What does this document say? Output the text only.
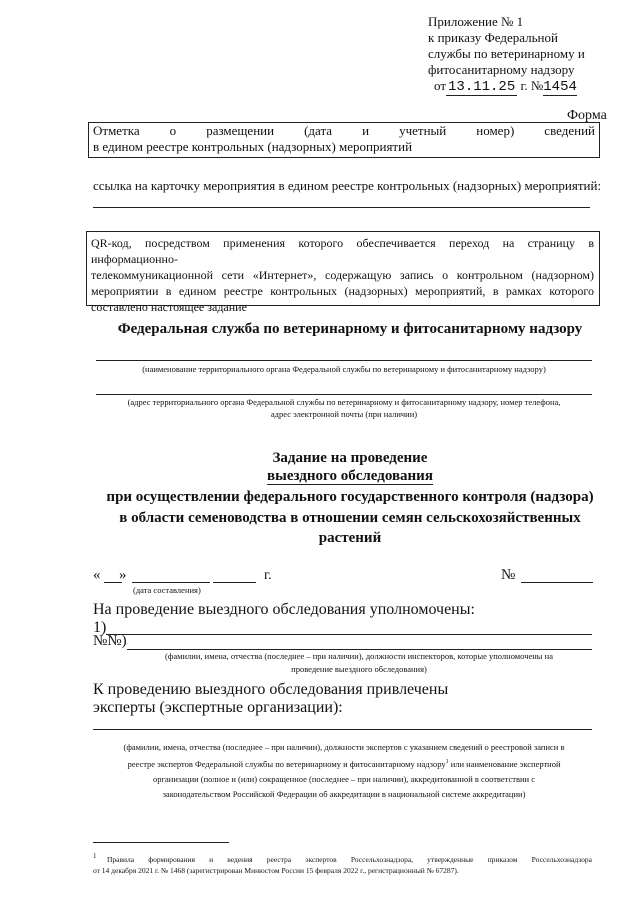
Приложение № 1
к приказу Федеральной
службы по ветеринарному и
фитосанитарному надзору
от 13.11.25 г. №1454
Форма
Отметка о размещении (дата и учетный номер) сведений
в едином реестре контрольных (надзорных) мероприятий
ссылка на карточку мероприятия в едином реестре контрольных (надзорных) мероприятий:
QR-код, посредством применения которого обеспечивается переход на страницу в информационно-
телекоммуникационной сети «Интернет», содержащую запись о контрольном (надзорном)
мероприятии в едином реестре контрольных (надзорных) мероприятий, в рамках которого
составлено настоящее задание
Федеральная служба по ветеринарному и фитосанитарному надзору
(наименование территориального органа Федеральной службы по ветеринарному и фитосанитарному надзору)
(адрес территориального органа Федеральной службы по ветеринарному и фитосанитарному надзору, номер телефона,
адрес электронной почты (при наличии)
Задание на проведение
выездного обследования
при осуществлении федерального государственного контроля (надзора)
в области семеноводства в отношении семян сельскохозяйственных
растений
« »	г.
(дата составления)
№
На проведение выездного обследования уполномочены:
1)
№№)
(фамилии, имена, отчества (последнее – при наличии), должности инспекторов, которые уполномочены на
проведение выездного обследования)
К проведению выездного обследования привлечены
эксперты (экспертные организации):
(фамилии, имена, отчества (последнее – при наличии), должности экспертов с указанием сведений о реестровой записи в
реестре экспертов Федеральной службы по ветеринарному и фитосанитарному надзору$^1$ или наименование экспертной
организации (полное и (или) сокращенное (последнее – при наличии), аккредитованной в соответствии с
законодательством Российской Федерации об аккредитации в национальной системе аккредитации)
1 Правила формирования и ведения реестра экспертов Россельхознадзора, утвержденные приказом Россельхознадзора
от 14 декабря 2021 г. № 1468 (зарегистрирован Минюстом России 15 февраля 2022 г., регистрационный № 67287).
